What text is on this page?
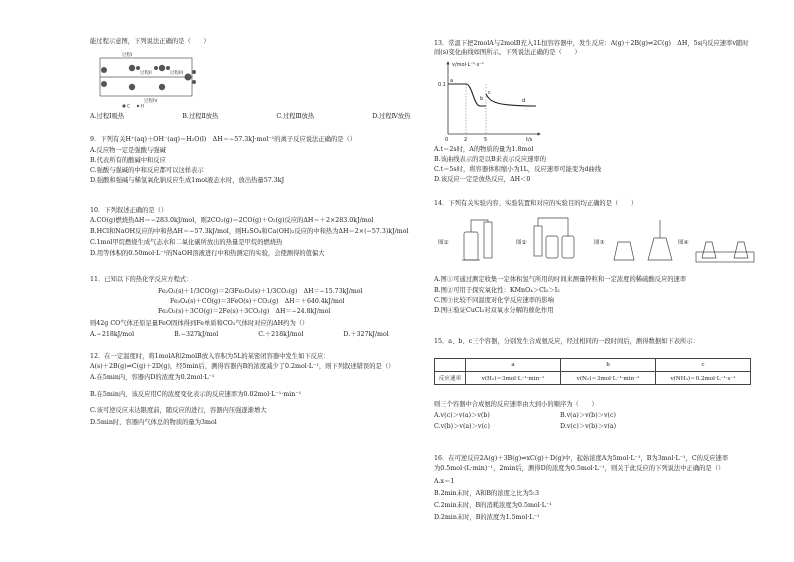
能过程示意图，下列说法正确的是（　　）
过程I
过程II	过程III
过程IV
C H
A.过程I吸热	B.过程Ⅱ放热	C.过程Ⅲ放热	D.过程Ⅳ放热
9．下列有关H⁺(aq)＋OH⁻(aq)＝H₂O(l)　ΔH＝−57.3kJ·mol⁻¹的离子反应说法正确的是（）
A.反应物一定是强酸与强碱
B.代表所有的酸碱中和反应
C.强酸与强碱的中和反应都可以这样表示
D.强酸和强碱与稀氢氧化钠反应生成1mol液态水时，放出热量57.3kJ
10．下列叙述正确的是（）
A.CO(g)燃烧热ΔH＝−283.0kJ/mol，则2CO₂(g)＝2CO(g)＋O₂(g)反应的ΔH＝＋2×283.0kJ/mol
B.HCl和NaOH反应的中和热ΔH＝−57.3kJ/mol，则H₂SO₄和Ca(OH)₂反应的中和热为ΔH＝2×(−57.3)kJ/mol
C.1mol甲烷燃烧生成气态水和二氧化碳所放出的热量是甲烷的燃烧热
D.用等体积的0.50mol·L⁻¹的NaOH溶液进行中和热测定的实验，会使测得的值偏大
11．已知以下的热化学反应方程式：
Fe₂O₃(s)＋1/3CO(g)＝2/3Fe₃O₄(s)＋1/3CO₂(g)　ΔH＝−15.73kJ/mol
Fe₃O₄(s)＋CO(g)＝3FeO(s)＋CO₂(g)　ΔH＝＋640.4kJ/mol
Fe₂O₃(s)＋3CO(g)＝2Fe(s)＋3CO₂(g)　ΔH＝−24.8kJ/mol
则42g CO气体还原足量FeO固体得到Fe单质和CO₂气体时对应的ΔH约为（）
A.−218kJ/mol	B.−327kJ/mol	C.＋218kJ/mol	D.＋327kJ/mol
12．在一定温度时，将1molA和2molB放入容积为5L的某密闭容器中发生如下反应：
A(s)＋2B(g)⇌C(g)＋2D(g)，经5min后，测得容器内B的浓度减少了0.2mol·L⁻¹，则下列叙述错误的是（）
A.在5min内，容器内D的浓度为0.2mol·L⁻¹
B.在5min内，该反应用C的浓度变化表示的反应速率为0.02mol·L⁻¹·min⁻¹
C.该可逆反应未达限度前，随反应的进行，容器内压强逐渐增大
D.5min时，容器内气体总的物质的量为3mol
13．常温下把2molA与2molB充入1L恒容容器中，发生反应：A(g)＋2B(g)⇌2C(g)　ΔH，5s内反应速率v随时
间(s)变化曲线如图所示。下列说法正确的是（　　）
v/mol·L⁻¹·s⁻¹
t/s
0.1
0	2	5
a
b
c
d
A.t＝2s时，A的物质的量为1.8mol
B.该曲线表示的是以B来表示反应速率的
C.t＝5s时，将容器体积缩小为1L，反应速率可能变为d曲线
D.该反应一定是放热反应，ΔH＜0
14．下列有关实验内容、实验装置和对应的实验目的均正确的是（　　）
图①	图②	图③	图④
A.图①可通过测定收集一定体积氢气所用的时间来测量锌粒和一定浓度的稀硫酸反应的速率
B.图②可用于探究氧化性：KMnO₄＞Cl₂＞I₂
C.图③比较不同温度对化学反应速率的影响
D.图④验证CuCl₂对双氧水分解的催化作用
15．a、b、c三个容器，分别发生合成氨反应，经过相同的一段时间后，测得数据如下表所示：
	a	b	c
反应速率	v(H₂)＝3mol·L⁻¹·min⁻¹	v(N₂)＝3mol·L⁻¹·min⁻¹	v(NH₃)＝0.2mol·L⁻¹·s⁻¹
则三个容器中合成氨的反应速率由大到小的顺序为（　　）
A.v(c)＞v(a)＞v(b)	B.v(a)＞v(b)＞v(c)
C.v(b)＞v(a)＞v(c)	D.v(c)＞v(b)＞v(a)
16．在可逆反应2A(g)＋3B(g)⇌xC(g)＋D(g)中，起始浓度A为5mol·L⁻¹，B为3mol·L⁻¹，C的反应速率
为0.5mol·(L·min)⁻¹，2min后，测得D的浓度为0.5mol·L⁻¹，则关于此反应的下列说法中正确的是（）
A.x＝1
B.2min末时，A和B的浓度之比为5:3
C.2min末时，B的消耗浓度为0.5mol·L⁻¹
D.2min末时，B的浓度为1.5mol·L⁻¹
